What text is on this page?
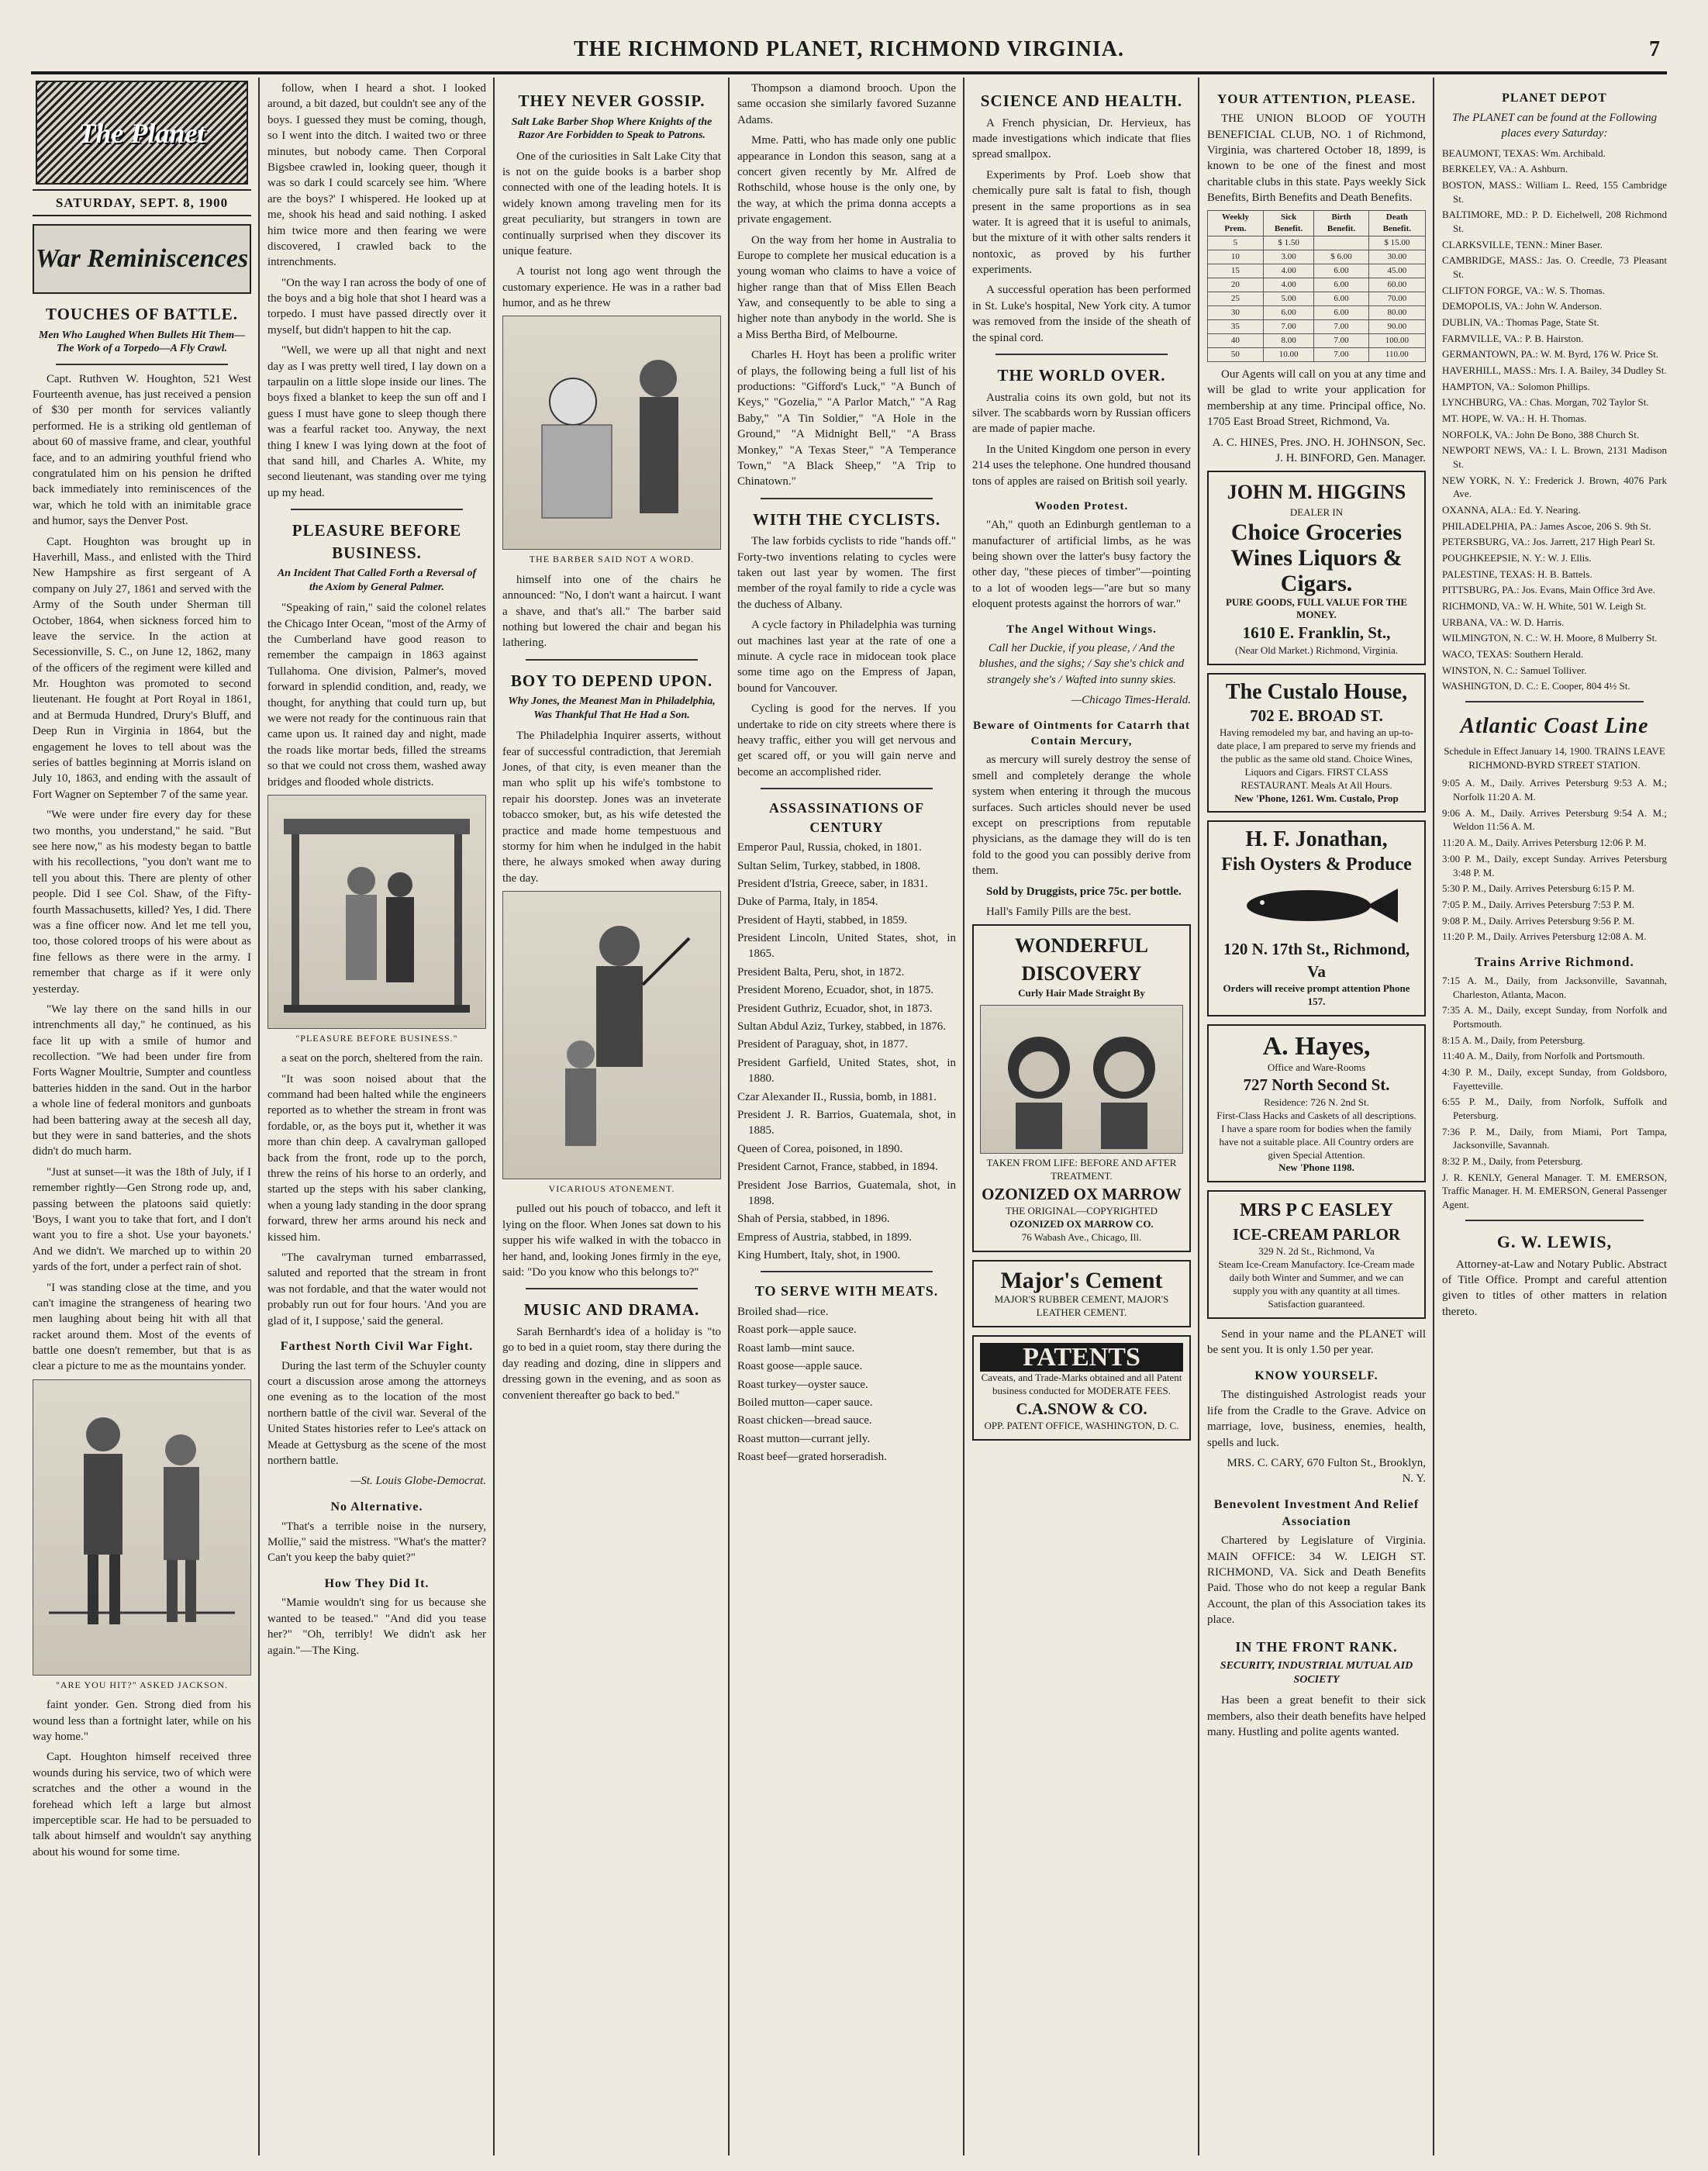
THE RICHMOND PLANET, RICHMOND VIRGINIA.	7
The Planet
SATURDAY, SEPT. 8, 1900
War Reminiscences
TOUCHES OF BATTLE.
Men Who Laughed When Bullets Hit Them—The Work of a Torpedo—A Fly Crawl.

Capt. Ruthven W. Houghton, 521 West Fourteenth avenue, has just received a pension of $30 per month for services valiantly performed. He is a striking old gentleman of about 60 of massive frame, and clear, youthful face, and to an admiring youthful friend who congratulated him on his pension he drifted back immediately into reminiscences of the war, which he told with an inimitable grace and humor, says the Denver Post.

Capt. Houghton was brought up in Haverhill, Mass., and enlisted with the Third New Hampshire as first sergeant of A company on July 27, 1861 and served with the Army of the South under Sherman till October, 1864, when sickness forced him to leave the service. In the action at Secessionville, S. C., on June 12, 1862, many of the officers of the regiment were killed and Mr. Houghton was promoted to second lieutenant. He fought at Port Royal in 1861, and at Bermuda Hundred, Drury's Bluff, and Deep Run in Virginia in 1864, but the engagement he loves to tell about was the series of battles beginning at Morris island on July 10, 1863, and ending with the assault of Fort Wagner on September 7 of the same year.

"We were under fire every day for these two months, you understand," he said. "But see here now," as his modesty began to battle with his recollections, "you don't want me to tell you about this. There are plenty of other people. Did I see Col. Shaw, of the Fifty-fourth Massachusetts, killed? Yes, I did. There was a fine officer now. And let me tell you, too, those colored troops of his were about as fine fellows as there were in the army. I remember that charge as if it were only yesterday.

"We lay there on the sand hills in our intrenchments all day," he continued, as his face lit up with a smile of humor and recollection. "We had been under fire from Forts Wagner Moultrie, Sumpter and countless batteries hidden in the sand. Out in the harbor a whole line of federal monitors and gunboats had been battering away at the secesh all day, but they were in sand batteries, and the shots didn't do much harm.

"Just at sunset—it was the 18th of July, if I remember rightly—Gen Strong rode up, and, passing between the platoons said quietly: 'Boys, I want you to take that fort, and I don't want you to fire a shot. Use your bayonets.' And we didn't. We marched up to within 20 yards of the fort, under a perfect rain of shot.

"I was standing close at the time, and you can't imagine the strangeness of hearing two men laughing about being hit with all that racket around them. Most of the events of battle one doesn't remember, but that is as clear a picture to me as the mountains yonder.

"ARE YOU HIT?" ASKED JACKSON.

faint yonder. Gen. Strong died from his wound less than a fortnight later, while on his way home."

Capt. Houghton himself received three wounds during his service, two of which were scratches and the other a wound in the forehead which left a large but almost imperceptible scar. He had to be persuaded to talk about himself and wouldn't say anything about his wound for some time.

follow, when I heard a shot. I looked around, a bit dazed, but couldn't see any of the boys. I guessed they must be coming, though, so I went into the ditch. I waited two or three minutes, but nobody came. Then Corporal Bigsbee crawled in, looking queer, though it was so dark I could scarcely see him. 'Where are the boys?' I whispered. He looked up at me, shook his head and said nothing. I asked him twice more and then fearing we were discovered, I crawled back to the intrenchments.

"On the way I ran across the body of one of the boys and a big hole that shot I heard was a torpedo. I must have passed directly over it myself, but didn't happen to hit the cap.

"Well, we were up all that night and next day as I was pretty well tired, I lay down on a tarpaulin on a little slope inside our lines. The boys fixed a blanket to keep the sun off and I guess I must have gone to sleep though there was a fearful racket too. Anyway, the next thing I knew I was lying down at the foot of that sand hill, and Charles A. White, my second lieutenant, was standing over me tying up my head.

PLEASURE BEFORE BUSINESS.
An Incident That Called Forth a Reversal of the Axiom by General Palmer.

"Speaking of rain," said the colonel relates the Chicago Inter Ocean, "most of the Army of the Cumberland have good reason to remember the campaign in 1863 against Tullahoma. One division, Palmer's, moved forward in splendid condition, and, ready, we thought, for anything that could turn up, but we were not ready for the continuous rain that came upon us. It rained day and night, made the roads like mortar beds, filled the streams so that we could not cross them, washed away bridges and flooded whole districts.

"PLEASURE BEFORE BUSINESS."

a seat on the porch, sheltered from the rain.

"It was soon noised about that the command had been halted while the engineers reported as to whether the stream in front was fordable, or, as the boys put it, whether it was more than chin deep. A cavalryman galloped back from the front, rode up to the porch, threw the reins of his horse to an orderly, and started up the steps with his saber clanking, when a young lady standing in the door sprang forward, threw her arms around his neck and kissed him.

"The cavalryman turned embarrassed, saluted and reported that the stream in front was not fordable, and that the water would not probably run out for four hours. 'And you are glad of it, I suppose,' said the general.

Farthest North Civil War Fight.

During the last term of the Schuyler county court a discussion arose among the attorneys one evening as to the location of the most northern battle of the civil war. Several of the United States histories refer to Lee's attack on Meade at Gettysburg as the scene of the most northern battle.

—St. Louis Globe-Democrat.
No Alternative.

"That's a terrible noise in the nursery, Mollie," said the mistress. "What's the matter? Can't you keep the baby quiet?"

How They Did It.

"Mamie wouldn't sing for us because she wanted to be teased." "And did you tease her?" "Oh, terribly! We didn't ask her again."—The King.

THEY NEVER GOSSIP.
Salt Lake Barber Shop Where Knights of the Razor Are Forbidden to Speak to Patrons.

One of the curiosities in Salt Lake City that is not on the guide books is a barber shop connected with one of the leading hotels. It is widely known among traveling men for its great peculiarity, but strangers in town are continually surprised when they discover its unique feature.

A tourist not long ago went through the customary experience. He was in a rather bad humor, and as he threw

THE BARBER SAID NOT A WORD.

himself into one of the chairs he announced: "No, I don't want a haircut. I want a shave, and that's all." The barber said nothing but lowered the chair and began his lathering.

BOY TO DEPEND UPON.
Why Jones, the Meanest Man in Philadelphia, Was Thankful That He Had a Son.

The Philadelphia Inquirer asserts, without fear of successful contradiction, that Jeremiah Jones, of that city, is even meaner than the man who split up his wife's tombstone to repair his doorstep. Jones was an inveterate tobacco smoker, but, as his wife detested the practice and made home tempestuous and stormy for him when he indulged in the habit there, he always smoked when away during the day.

VICARIOUS ATONEMENT.

pulled out his pouch of tobacco, and left it lying on the floor. When Jones sat down to his supper his wife walked in with the tobacco in her hand, and, looking Jones firmly in the eye, said: "Do you know who this belongs to?"

MUSIC AND DRAMA.

Sarah Bernhardt's idea of a holiday is "to go to bed in a quiet room, stay there during the day reading and dozing, dine in slippers and dressing gown in the evening, and as soon as convenient thereafter go back to bed."

Thompson a diamond brooch. Upon the same occasion she similarly favored Suzanne Adams.

Mme. Patti, who has made only one public appearance in London this season, sang at a concert given recently by Mr. Alfred de Rothschild, whose house is the only one, by the way, at which the prima donna accepts a private engagement.

On the way from her home in Australia to Europe to complete her musical education is a young woman who claims to have a voice of higher range than that of Miss Ellen Beach Yaw, and consequently to be able to sing a higher note than anybody in the world. She is a Miss Bertha Bird, of Melbourne.

Charles H. Hoyt has been a prolific writer of plays, the following being a full list of his productions: "Gifford's Luck," "A Bunch of Keys," "Gozelia," "A Parlor Match," "A Rag Baby," "A Tin Soldier," "A Hole in the Ground," "A Midnight Bell," "A Brass Monkey," "A Texas Steer," "A Temperance Town," "A Black Sheep," "A Trip to Chinatown."

WITH THE CYCLISTS.

The law forbids cyclists to ride "hands off." Forty-two inventions relating to cycles were taken out last year by women. The first member of the royal family to ride a cycle was the duchess of Albany.

A cycle factory in Philadelphia was turning out machines last year at the rate of one a minute. A cycle race in midocean took place some time ago on the Empress of Japan, bound for Vancouver.

Cycling is good for the nerves. If you undertake to ride on city streets where there is heavy traffic, either you will get nervous and get scared off, or you will gain nerve and become an accomplished rider.

ASSASSINATIONS OF CENTURY
Emperor Paul, Russia, choked, in 1801.
Sultan Selim, Turkey, stabbed, in 1808.
President d'Istria, Greece, saber, in 1831.
Duke of Parma, Italy, in 1854.
President of Hayti, stabbed, in 1859.
President Lincoln, United States, shot, in 1865.
President Balta, Peru, shot, in 1872.
President Moreno, Ecuador, shot, in 1875.
President Guthriz, Ecuador, shot, in 1873.
Sultan Abdul Aziz, Turkey, stabbed, in 1876.
President of Paraguay, shot, in 1877.
President Garfield, United States, shot, in 1880.
Czar Alexander II., Russia, bomb, in 1881.
President J. R. Barrios, Guatemala, shot, in 1885.
Queen of Corea, poisoned, in 1890.
President Carnot, France, stabbed, in 1894.
President Jose Barrios, Guatemala, shot, in 1898.
Shah of Persia, stabbed, in 1896.
Empress of Austria, stabbed, in 1899.
King Humbert, Italy, shot, in 1900.
TO SERVE WITH MEATS.
Broiled shad—rice.
Roast pork—apple sauce.
Roast lamb—mint sauce.
Roast goose—apple sauce.
Roast turkey—oyster sauce.
Boiled mutton—caper sauce.
Roast chicken—bread sauce.
Roast mutton—currant jelly.
Roast beef—grated horseradish.
SCIENCE AND HEALTH.

A French physician, Dr. Hervieux, has made investigations which indicate that flies spread smallpox.

Experiments by Prof. Loeb show that chemically pure salt is fatal to fish, though present in the same proportions as in sea water. It is agreed that it is useful to animals, but the mixture of it with other salts renders it nontoxic, as proved by his further experiments.

A successful operation has been performed in St. Luke's hospital, New York city. A tumor was removed from the inside of the sheath of the spinal cord.

THE WORLD OVER.

Australia coins its own gold, but not its silver. The scabbards worn by Russian officers are made of papier mache.

In the United Kingdom one person in every 214 uses the telephone. One hundred thousand tons of apples are raised on British soil yearly.

Wooden Protest.

"Ah," quoth an Edinburgh gentleman to a manufacturer of artificial limbs, as he was being shown over the latter's busy factory the other day, "these pieces of timber"—pointing to a lot of wooden legs—"are but so many eloquent protests against the horrors of war."

The Angel Without Wings.

Call her Duckie, if you please, / And the blushes, and the sighs; / Say she's chick and strangely she's / Wafted into sunny skies.

—Chicago Times-Herald.
Beware of Ointments for Catarrh that Contain Mercury,

as mercury will surely destroy the sense of smell and completely derange the whole system when entering it through the mucous surfaces. Such articles should never be used except on prescriptions from reputable physicians, as the damage they will do is ten fold to the good you can possibly derive from them.

Sold by Druggists, price 75c. per bottle.

Hall's Family Pills are the best.

WONDERFUL DISCOVERY
Curly Hair Made Straight By
TAKEN FROM LIFE: BEFORE AND AFTER TREATMENT.
OZONIZED OX MARROW
THE ORIGINAL—COPYRIGHTED
OZONIZED OX MARROW CO.
76 Wabash Ave., Chicago, Ill.
Major's Cement
MAJOR'S RUBBER CEMENT, MAJOR'S LEATHER CEMENT.
PATENTS
Caveats, and Trade-Marks obtained and all Patent business conducted for MODERATE FEES.
C.A.SNOW & CO.
OPP. PATENT OFFICE, WASHINGTON, D. C.
YOUR ATTENTION, PLEASE.

THE UNION BLOOD OF YOUTH BENEFICIAL CLUB, NO. 1 of Richmond, Virginia, was chartered October 18, 1899, is known to be one of the finest and most charitable clubs in this state. Pays weekly Sick Benefits, Birth Benefits and Death Benefits.

Weekly Prem.	Sick Benefit.	Birth Benefit.	Death Benefit.
5	$ 1.50		$ 15.00
10	3.00	$ 6.00	30.00
15	4.00	6.00	45.00
20	4.00	6.00	60.00
25	5.00	6.00	70.00
30	6.00	6.00	80.00
35	7.00	7.00	90.00
40	8.00	7.00	100.00
50	10.00	7.00	110.00

Our Agents will call on you at any time and will be glad to write your application for membership at any time. Principal office, No. 1705 East Broad Street, Richmond, Va.

A. C. HINES, Pres. JNO. H. JOHNSON, Sec. J. H. BINFORD, Gen. Manager.

JOHN M. HIGGINS
DEALER IN
Choice Groceries Wines Liquors & Cigars.
PURE GOODS, FULL VALUE FOR THE MONEY.
1610 E. Franklin, St.,
(Near Old Market.) Richmond, Virginia.
The Custalo House,
702 E. BROAD ST.
Having remodeled my bar, and having an up-to-date place, I am prepared to serve my friends and the public as the same old stand. Choice Wines, Liquors and Cigars. FIRST CLASS RESTAURANT. Meals At All Hours.
New 'Phone, 1261. Wm. Custalo, Prop
H. F. Jonathan,
Fish Oysters & Produce
120 N. 17th St., Richmond, Va
Orders will receive prompt attention Phone 157.
A. Hayes,
Office and Ware-Rooms
727 North Second St.
Residence: 726 N. 2nd St.
First-Class Hacks and Caskets of all descriptions. I have a spare room for bodies when the family have not a suitable place. All Country orders are given Special Attention.
New 'Phone 1198.
MRS P C EASLEY
ICE-CREAM PARLOR
329 N. 2d St., Richmond, Va
Steam Ice-Cream Manufactory. Ice-Cream made daily both Winter and Summer, and we can supply you with any quantity at all times. Satisfaction guaranteed.

Send in your name and the PLANET will be sent you. It is only 1.50 per year.

KNOW YOURSELF.

The distinguished Astrologist reads your life from the Cradle to the Grave. Advice on marriage, love, business, enemies, health, spells and luck.

MRS. C. CARY, 670 Fulton St., Brooklyn, N. Y.

Benevolent Investment And Relief Association

Chartered by Legislature of Virginia. MAIN OFFICE: 34 W. LEIGH ST. RICHMOND, VA. Sick and Death Benefits Paid. Those who do not keep a regular Bank Account, the plan of this Association takes its place.

IN THE FRONT RANK.
SECURITY, INDUSTRIAL MUTUAL AID SOCIETY

Has been a great benefit to their sick members, also their death benefits have helped many. Hustling and polite agents wanted.

PLANET DEPOT

The PLANET can be found at the Following places every Saturday:

BEAUMONT, TEXAS: Wm. Archibald.
BERKELEY, VA.: A. Ashburn.
BOSTON, MASS.: William L. Reed, 155 Cambridge St.
BALTIMORE, MD.: P. D. Eichelwell, 208 Richmond St.
CLARKSVILLE, TENN.: Miner Baser.
CAMBRIDGE, MASS.: Jas. O. Creedle, 73 Pleasant St.
CLIFTON FORGE, VA.: W. S. Thomas.
DEMOPOLIS, VA.: John W. Anderson.
DUBLIN, VA.: Thomas Page, State St.
FARMVILLE, VA.: P. B. Hairston.
GERMANTOWN, PA.: W. M. Byrd, 176 W. Price St.
HAVERHILL, MASS.: Mrs. I. A. Bailey, 34 Dudley St.
HAMPTON, VA.: Solomon Phillips.
LYNCHBURG, VA.: Chas. Morgan, 702 Taylor St.
MT. HOPE, W. VA.: H. H. Thomas.
NORFOLK, VA.: John De Bono, 388 Church St.
NEWPORT NEWS, VA.: I. L. Brown, 2131 Madison St.
NEW YORK, N. Y.: Frederick J. Brown, 4076 Park Ave.
OXANNA, ALA.: Ed. Y. Nearing.
PHILADELPHIA, PA.: James Ascoe, 206 S. 9th St.
PETERSBURG, VA.: Jos. Jarrett, 217 High Pearl St.
POUGHKEEPSIE, N. Y.: W. J. Ellis.
PALESTINE, TEXAS: H. B. Battels.
PITTSBURG, PA.: Jos. Evans, Main Office 3rd Ave.
RICHMOND, VA.: W. H. White, 501 W. Leigh St.
URBANA, VA.: W. D. Harris.
WILMINGTON, N. C.: W. H. Moore, 8 Mulberry St.
WACO, TEXAS: Southern Herald.
WINSTON, N. C.: Samuel Tolliver.
WASHINGTON, D. C.: E. Cooper, 804 4½ St.
Atlantic Coast Line

Schedule in Effect January 14, 1900. TRAINS LEAVE RICHMOND-BYRD STREET STATION.

9:05 A. M., Daily. Arrives Petersburg 9:53 A. M.; Norfolk 11:20 A. M.
9:06 A. M., Daily. Arrives Petersburg 9:54 A. M.; Weldon 11:56 A. M.
11:20 A. M., Daily. Arrives Petersburg 12:06 P. M.
3:00 P. M., Daily, except Sunday. Arrives Petersburg 3:48 P. M.
5:30 P. M., Daily. Arrives Petersburg 6:15 P. M.
7:05 P. M., Daily. Arrives Petersburg 7:53 P. M.
9:08 P. M., Daily. Arrives Petersburg 9:56 P. M.
11:20 P. M., Daily. Arrives Petersburg 12:08 A. M.
Trains Arrive Richmond.
7:15 A. M., Daily, from Jacksonville, Savannah, Charleston, Atlanta, Macon.
7:35 A. M., Daily, except Sunday, from Norfolk and Portsmouth.
8:15 A. M., Daily, from Petersburg.
11:40 A. M., Daily, from Norfolk and Portsmouth.
4:30 P. M., Daily, except Sunday, from Goldsboro, Fayetteville.
6:55 P. M., Daily, from Norfolk, Suffolk and Petersburg.
7:36 P. M., Daily, from Miami, Port Tampa, Jacksonville, Savannah.
8:32 P. M., Daily, from Petersburg.

J. R. KENLY, General Manager. T. M. EMERSON, Traffic Manager. H. M. EMERSON, General Passenger Agent.

G. W. LEWIS,

Attorney-at-Law and Notary Public. Abstract of Title Office. Prompt and careful attention given to titles of other matters in relation thereto.
